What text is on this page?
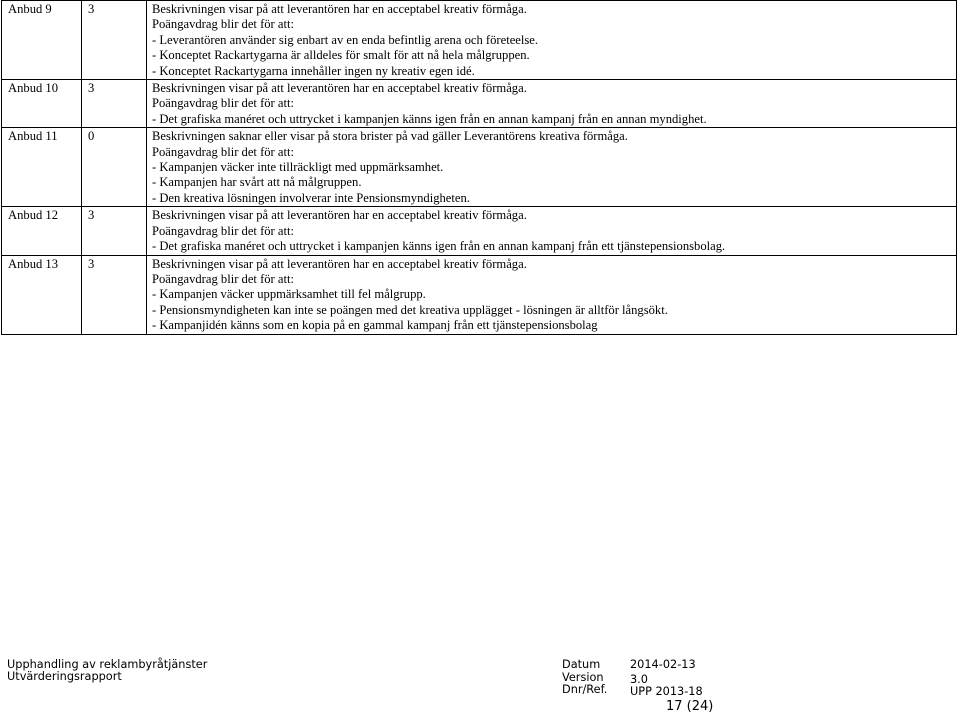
Anbud 9	3	Beskrivningen visar på att leverantören har en acceptabel kreativ förmåga.
Poängavdrag blir det för att:
- Leverantören använder sig enbart av en enda befintlig arena och företeelse.
- Konceptet Rackartygarna är alldeles för smalt för att nå hela målgruppen.
- Konceptet Rackartygarna innehåller ingen ny kreativ egen idé.

Anbud 10	3	Beskrivningen visar på att leverantören har en acceptabel kreativ förmåga.
Poängavdrag blir det för att:
- Det grafiska manéret och uttrycket i kampanjen känns igen från en annan kampanj från en annan myndighet.

Anbud 11	0	Beskrivningen saknar eller visar på stora brister på vad gäller Leverantörens kreativa förmåga.
Poängavdrag blir det för att:
- Kampanjen väcker inte tillräckligt med uppmärksamhet.
- Kampanjen har svårt att nå målgruppen.
- Den kreativa lösningen involverar inte Pensionsmyndigheten.

Anbud 12	3	Beskrivningen visar på att leverantören har en acceptabel kreativ förmåga.
Poängavdrag blir det för att:
- Det grafiska manéret och uttrycket i kampanjen känns igen från en annan kampanj från ett tjänstepensionsbolag.

Anbud 13	3	Beskrivningen visar på att leverantören har en acceptabel kreativ förmåga.
Poängavdrag blir det för att:
- Kampanjen väcker uppmärksamhet till fel målgrupp.
- Pensionsmyndigheten kan inte se poängen med det kreativa upplägget - lösningen är alltför långsökt.
- Kampanjidén känns som en kopia på en gammal kampanj från ett tjänstepensionsbolag
Upphandling av reklambyråtjänster
Utvärderingsrapport
Datum
Version
Dnr/Ref.
2014-02-13
3.0
UPP 2013-18
17 (24)
